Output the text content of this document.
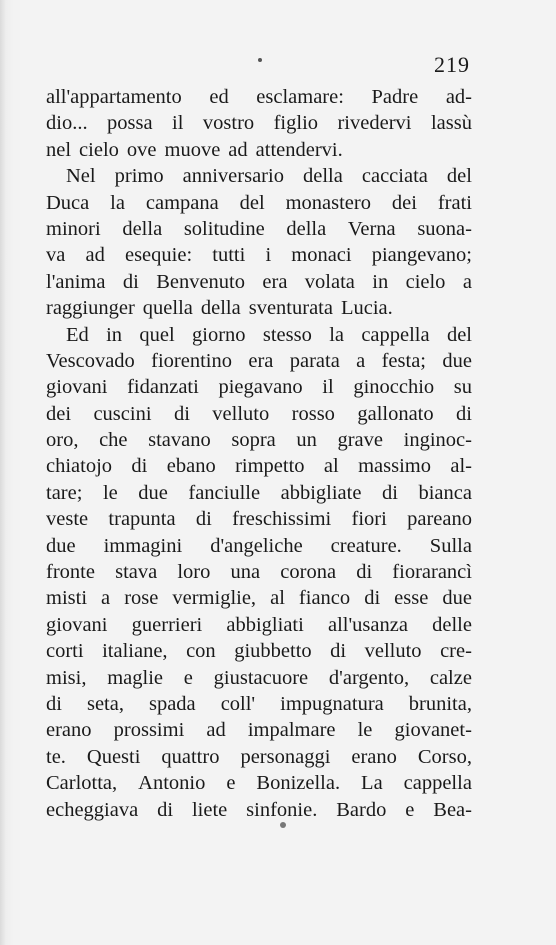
219
all'appartamento ed esclamare: Padre ad-
dio... possa il vostro figlio rivedervi lassù
nel cielo ove muove ad attendervi.
Nel primo anniversario della cacciata del
Duca la campana del monastero dei frati
minori della solitudine della Verna suona-
va ad esequie: tutti i monaci piangevano;
l'anima di Benvenuto era volata in cielo a
raggiunger quella della sventurata Lucia.
Ed in quel giorno stesso la cappella del
Vescovado fiorentino era parata a festa; due
giovani fidanzati piegavano il ginocchio su
dei cuscini di velluto rosso gallonato di
oro, che stavano sopra un grave inginoc-
chiatojo di ebano rimpetto al massimo al-
tare; le due fanciulle abbigliate di bianca
veste trapunta di freschissimi fiori pareano
due immagini d'angeliche creature. Sulla
fronte stava loro una corona di fiorarancì
misti a rose vermiglie, al fianco di esse due
giovani guerrieri abbigliati all'usanza delle
corti italiane, con giubbetto di velluto cre-
misi, maglie e giustacuore d'argento, calze
di seta, spada coll' impugnatura brunita,
erano prossimi ad impalmare le giovanet-
te. Questi quattro personaggi erano Corso,
Carlotta, Antonio e Bonizella. La cappella
echeggiava di liete sinfonie. Bardo e Bea-
